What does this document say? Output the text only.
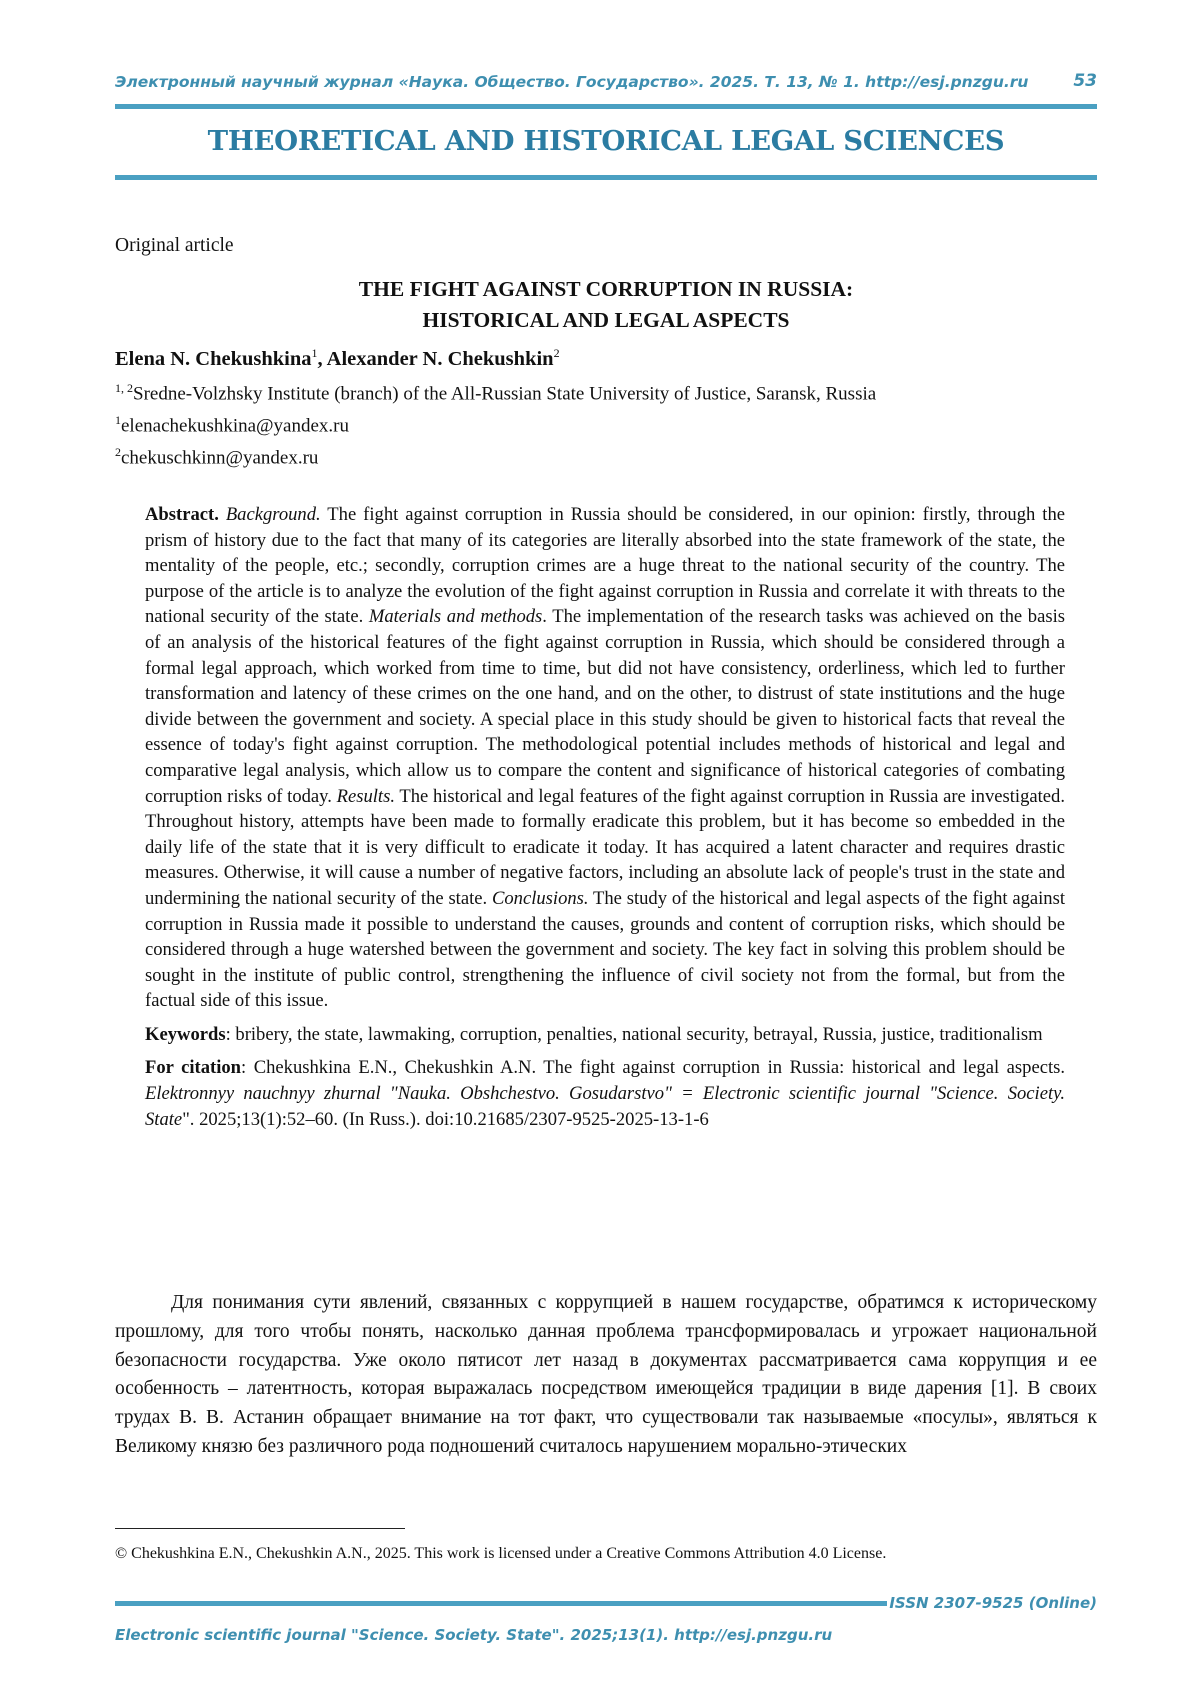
Электронный научный журнал «Наука. Общество. Государство». 2025. Т. 13, № 1. http://esj.pnzgu.ru	53
THEORETICAL AND HISTORICAL LEGAL SCIENCES
Original article
THE FIGHT AGAINST CORRUPTION IN RUSSIA:
HISTORICAL AND LEGAL ASPECTS
Elena N. Chekushkina$^1$, Alexander N. Chekushkin$^2$
$^{1, 2}$Sredne-Volzhsky Institute (branch) of the All-Russian State University of Justice, Saransk, Russia
$^1$elenachekushkina@yandex.ru
$^2$chekuschkinn@yandex.ru

Abstract. Background. The fight against corruption in Russia should be considered, in our opinion: firstly, through the prism of history due to the fact that many of its categories are literally absorbed into the state framework of the state, the mentality of the people, etc.; secondly, corruption crimes are a huge threat to the national security of the country. The purpose of the article is to analyze the evolution of the fight against corruption in Russia and correlate it with threats to the national security of the state. Materials and methods. The implementation of the research tasks was achieved on the basis of an analysis of the historical features of the fight against corruption in Russia, which should be considered through a formal legal approach, which worked from time to time, but did not have consistency, orderliness, which led to further transformation and latency of these crimes on the one hand, and on the other, to distrust of state institutions and the huge divide between the government and society. A special place in this study should be given to historical facts that reveal the essence of today's fight against corruption. The methodological potential includes methods of historical and legal and comparative legal analysis, which allow us to compare the content and significance of historical categories of combating corruption risks of today. Results. The historical and legal features of the fight against corruption in Russia are investigated. Throughout history, attempts have been made to formally eradicate this problem, but it has become so embedded in the daily life of the state that it is very difficult to eradicate it today. It has acquired a latent character and requires drastic measures. Otherwise, it will cause a number of negative factors, including an absolute lack of people's trust in the state and undermining the national security of the state. Conclusions. The study of the historical and legal aspects of the fight against corruption in Russia made it possible to understand the causes, grounds and content of corruption risks, which should be considered through a huge watershed between the government and society. The key fact in solving this problem should be sought in the institute of public control, strengthening the influence of civil society not from the formal, but from the factual side of this issue.

Keywords: bribery, the state, lawmaking, corruption, penalties, national security, betrayal, Russia, justice, traditionalism

For citation: Chekushkina E.N., Chekushkin A.N. The fight against corruption in Russia: historical and legal aspects. Elektronnyy nauchnyy zhurnal "Nauka. Obshchestvo. Gosudarstvo" = Electronic scientific journal "Science. Society. State". 2025;13(1):52–60. (In Russ.). doi:10.21685/2307-9525-2025-13-1-6

Для понимания сути явлений, связанных с коррупцией в нашем государстве, обратимся к историческому прошлому, для того чтобы понять, насколько данная проблема трансформировалась и угрожает национальной безопасности государства. Уже около пятисот лет назад в документах рассматривается сама коррупция и ее особенность – латентность, которая выражалась посредством имеющейся традиции в виде дарения [1]. В своих трудах В. В. Астанин обращает внимание на тот факт, что существовали так называемые «посулы», являться к Великому князю без различного рода подношений считалось нарушением морально-этических
© Chekushkina E.N., Chekushkin A.N., 2025. This work is licensed under a Creative Commons Attribution 4.0 License.
ISSN 2307-9525 (Online)
Electronic scientific journal "Science. Society. State". 2025;13(1). http://esj.pnzgu.ru
